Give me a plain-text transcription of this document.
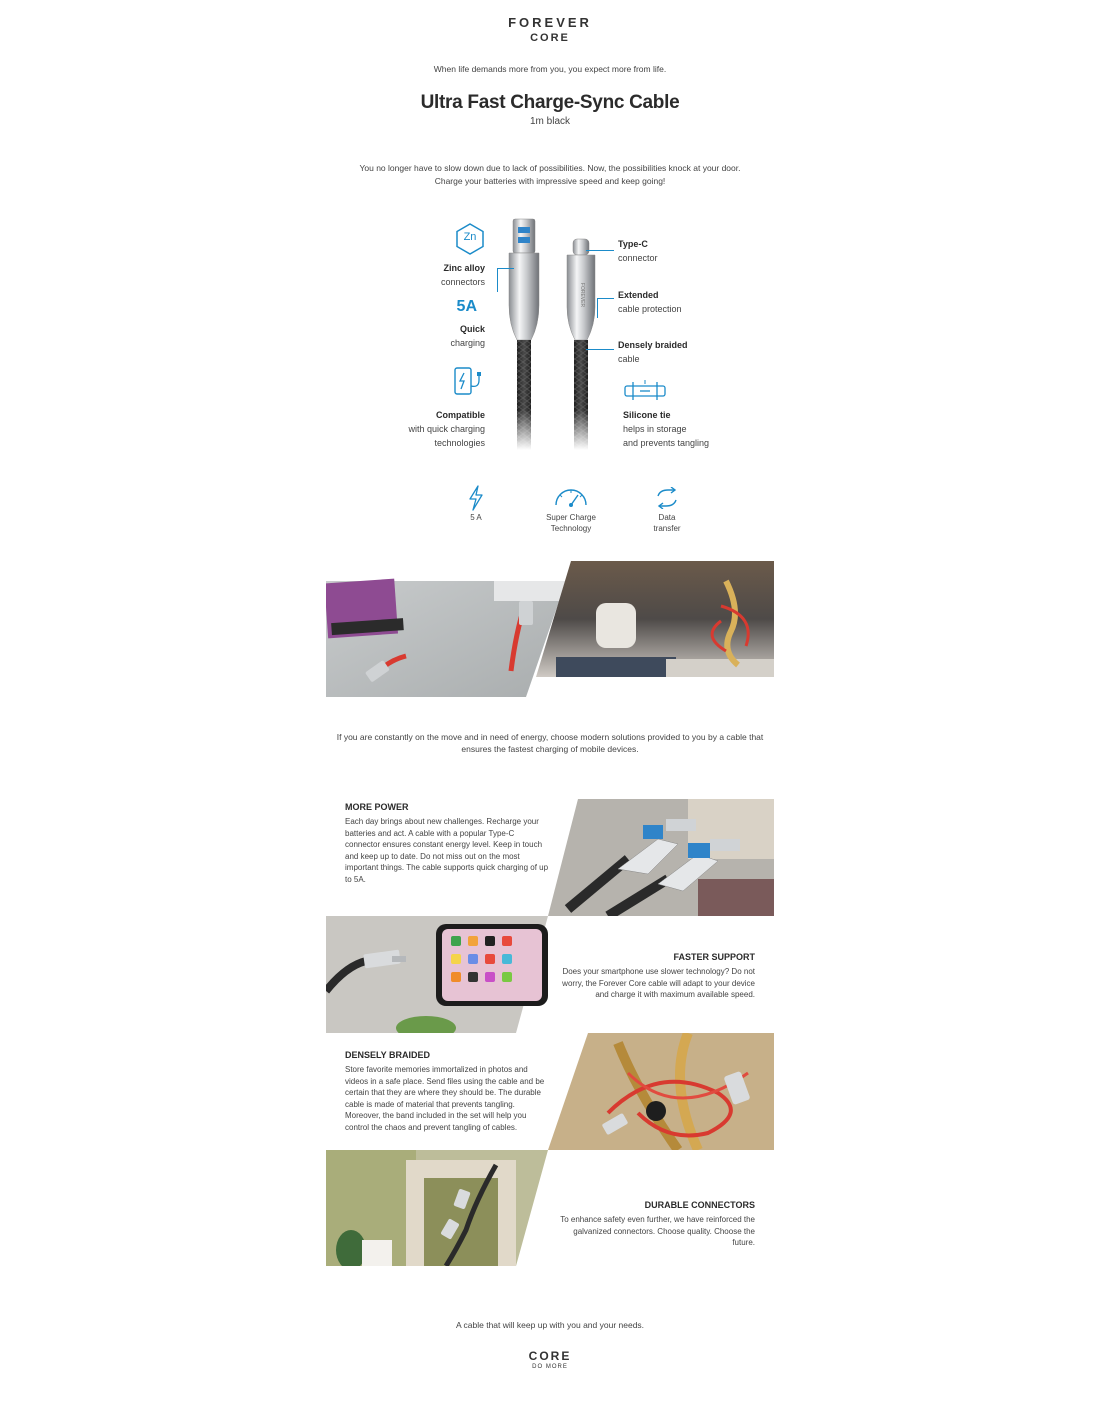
FOREVER
CORE
When life demands more from you, you expect more from life.
Ultra Fast Charge-Sync Cable
1m black
You no longer have to slow down due to lack of possibilities. Now, the possibilities knock at your door. Charge your batteries with impressive speed and keep going!
FOREVER
Zn
Zinc alloy
connectors
5A
Quick
charging
Compatible
with quick charging
technologies
Type-C
connector
Extended
cable protection
Densely braided
cable
Silicone tie
helps in storage
and prevents tangling
5 A	Super Charge
Technology
Data
transfer
If you are constantly on the move and in need of energy, choose modern solutions provided to you by a cable that ensures the fastest charging of mobile devices.
MORE POWER
Each day brings about new challenges. Recharge your batteries and act. A cable with a popular Type-C connector ensures constant energy level. Keep in touch and keep up to date. Do not miss out on the most important things. The cable supports quick charging of up to 5A.
FASTER SUPPORT
Does your smartphone use slower technology? Do not worry, the Forever Core cable will adapt to your device and charge it with maximum available speed.
DENSELY BRAIDED
Store favorite memories immortalized in photos and videos in a safe place. Send files using the cable and be certain that they are where they should be. The durable cable is made of material that prevents tangling. Moreover, the band included in the set will help you control the chaos and prevent tangling of cables.
DURABLE CONNECTORS
To enhance safety even further, we have reinforced the galvanized connectors. Choose quality. Choose the future.
A cable that will keep up with you and your needs.
CORE
DO MORE
